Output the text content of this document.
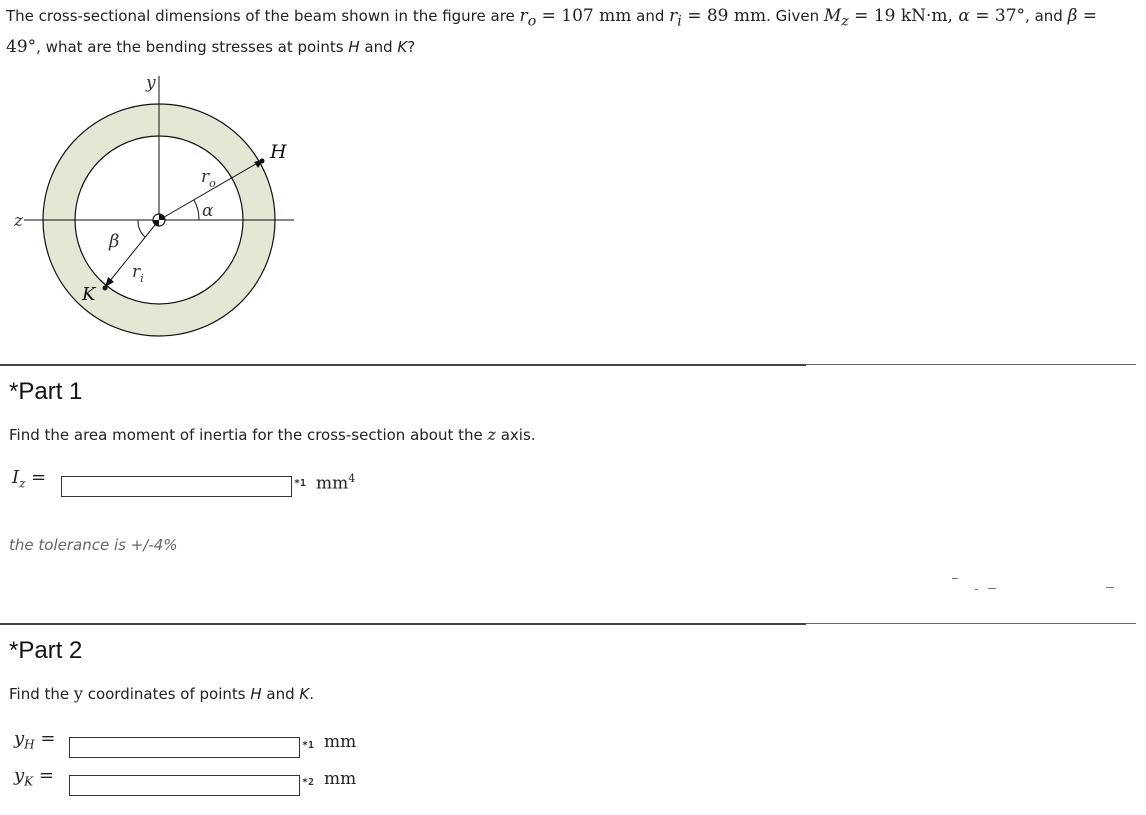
The cross-sectional dimensions of the beam shown in the figure are $r_o = 107$ mm and $r_i = 89$ mm. Given $M_z = 19$ kN·m, α = 37°, and β = 49°, what are the bending stresses at points H and K?
y
z
H
K
$r_o$
$r_i$
α
β
*Part 1
Find the area moment of inertia for the cross-section about the z axis.
$I_z$ =	*1 $mm^4$
the tolerance is +/-4%
*Part 2
Find the y coordinates of points H and K.
$y_H$ =	*1 mm
$y_K$ =	*2 mm
